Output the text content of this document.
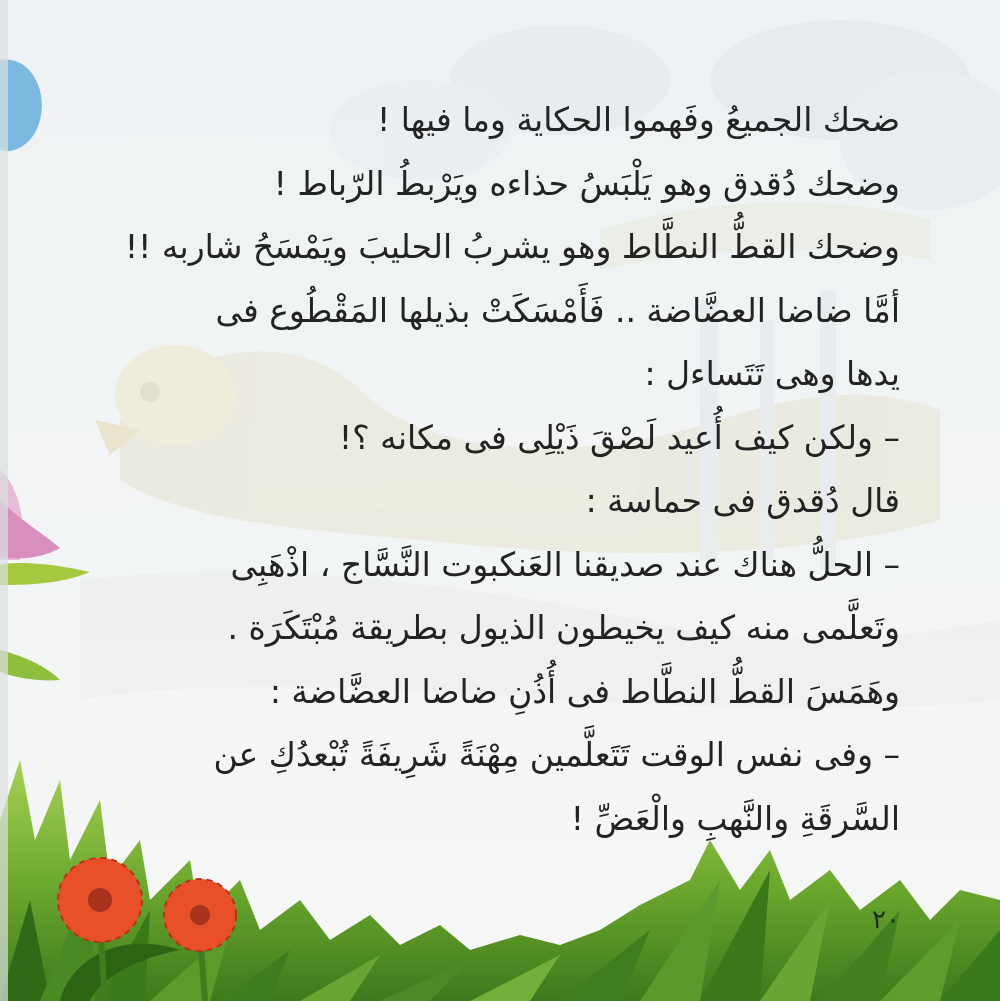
ضحك الجميعُ وفَهموا الحكاية وما فيها !
وضحك دُقدق وهو يَلْبَسُ حذاءه ويَرْبطُ الرّباط !
وضحك القطُّ النطَّاط وهو يشربُ الحليبَ ويَمْسَحُ شاربه !!
أمَّا ضاضا العضَّاضة .. فَأَمْسَكَتْ بذيلها المَقْطُوع فى
يدها وهى تَتَساءل :
– ولكن كيف أُعيد لَصْقَ ذَيْلِى فى مكانه ؟!
قال دُقدق فى حماسة :
– الحلُّ هناك عند صديقنا العَنكبوت النَّسَّاج ، اذْهَبِى
وتَعلَّمى منه كيف يخيطون الذيول بطريقة مُبْتَكَرَة .
وهَمَسَ القطُّ النطَّاط فى أُذُنِ ضاضا العضَّاضة :
– وفى نفس الوقت تَتَعلَّمين مِهْنَةً شَرِيفَةً تُبْعدُكِ عن
السَّرقَةِ والنَّهبِ والْعَضِّ !
٢٠
